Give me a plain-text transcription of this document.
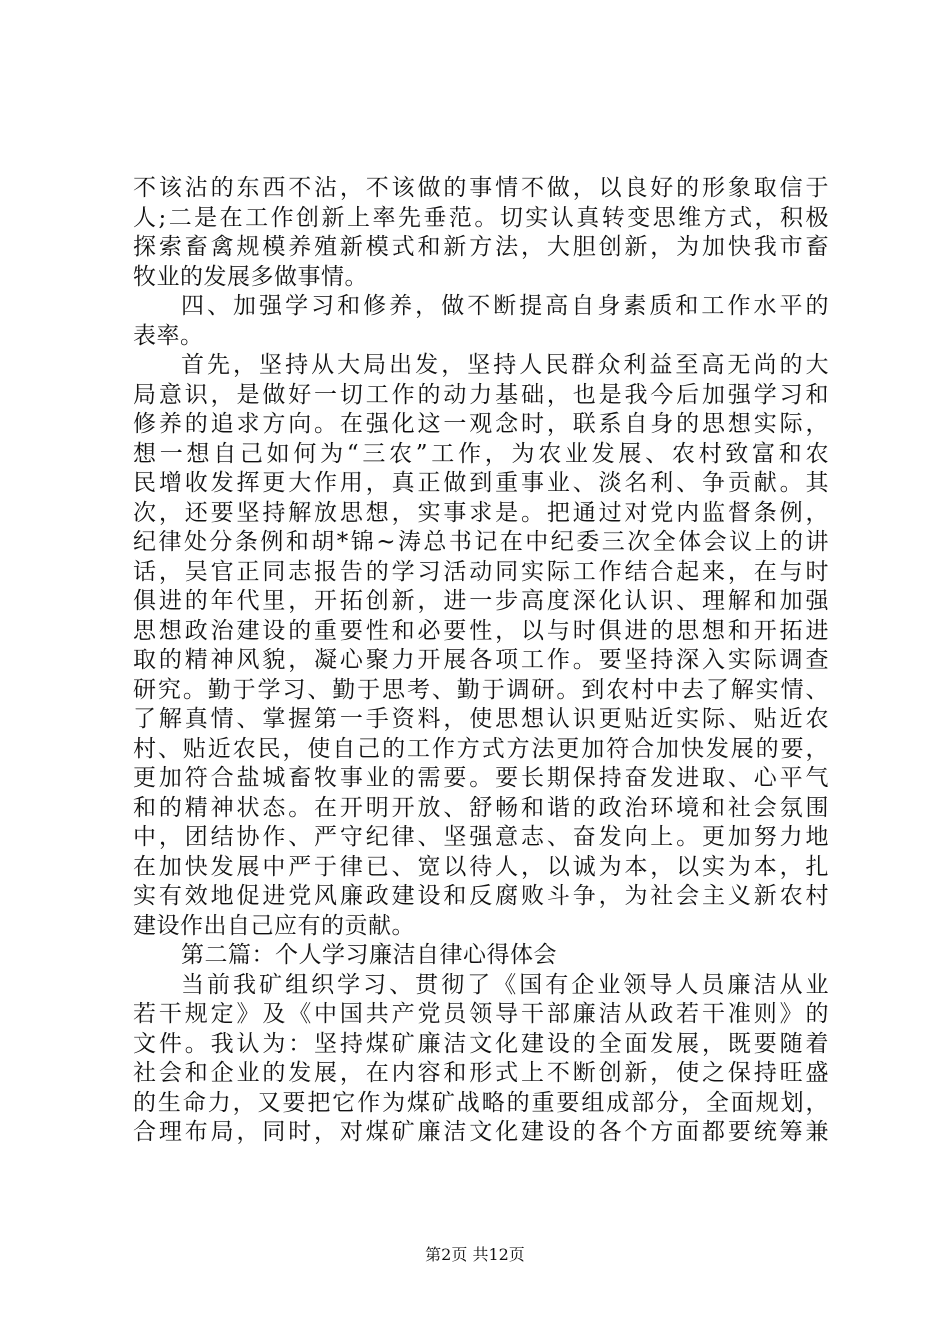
不该沾的东西不沾，不该做的事情不做，以良好的形象取信于
人;二是在工作创新上率先垂范。切实认真转变思维方式，积极
探索畜禽规模养殖新模式和新方法，大胆创新，为加快我市畜
牧业的发展多做事情。
四、加强学习和修养，做不断提高自身素质和工作水平的
表率。
首先，坚持从大局出发，坚持人民群众利益至高无尚的大
局意识，是做好一切工作的动力基础，也是我今后加强学习和
修养的追求方向。在强化这一观念时，联系自身的思想实际，
想一想自己如何为“三农”工作，为农业发展、农村致富和农
民增收发挥更大作用，真正做到重事业、淡名利、争贡献。其
次，还要坚持解放思想，实事求是。把通过对党内监督条例，
纪律处分条例和胡*锦~涛总书记在中纪委三次全体会议上的讲
话，吴官正同志报告的学习活动同实际工作结合起来，在与时
俱进的年代里，开拓创新，进一步高度深化认识、理解和加强
思想政治建设的重要性和必要性，以与时俱进的思想和开拓进
取的精神风貌，凝心聚力开展各项工作。要坚持深入实际调查
研究。勤于学习、勤于思考、勤于调研。到农村中去了解实情、
了解真情、掌握第一手资料，使思想认识更贴近实际、贴近农
村、贴近农民，使自己的工作方式方法更加符合加快发展的要，
更加符合盐城畜牧事业的需要。要长期保持奋发进取、心平气
和的精神状态。在开明开放、舒畅和谐的政治环境和社会氛围
中，团结协作、严守纪律、坚强意志、奋发向上。更加努力地
在加快发展中严于律已、宽以待人，以诚为本，以实为本，扎
实有效地促进党风廉政建设和反腐败斗争，为社会主义新农村
建设作出自己应有的贡献。
第二篇：个人学习廉洁自律心得体会
当前我矿组织学习、贯彻了《国有企业领导人员廉洁从业
若干规定》及《中国共产党员领导干部廉洁从政若干准则》的
文件。我认为：坚持煤矿廉洁文化建设的全面发展，既要随着
社会和企业的发展，在内容和形式上不断创新，使之保持旺盛
的生命力，又要把它作为煤矿战略的重要组成部分，全面规划，
合理布局，同时，对煤矿廉洁文化建设的各个方面都要统筹兼
第2页 共12页
